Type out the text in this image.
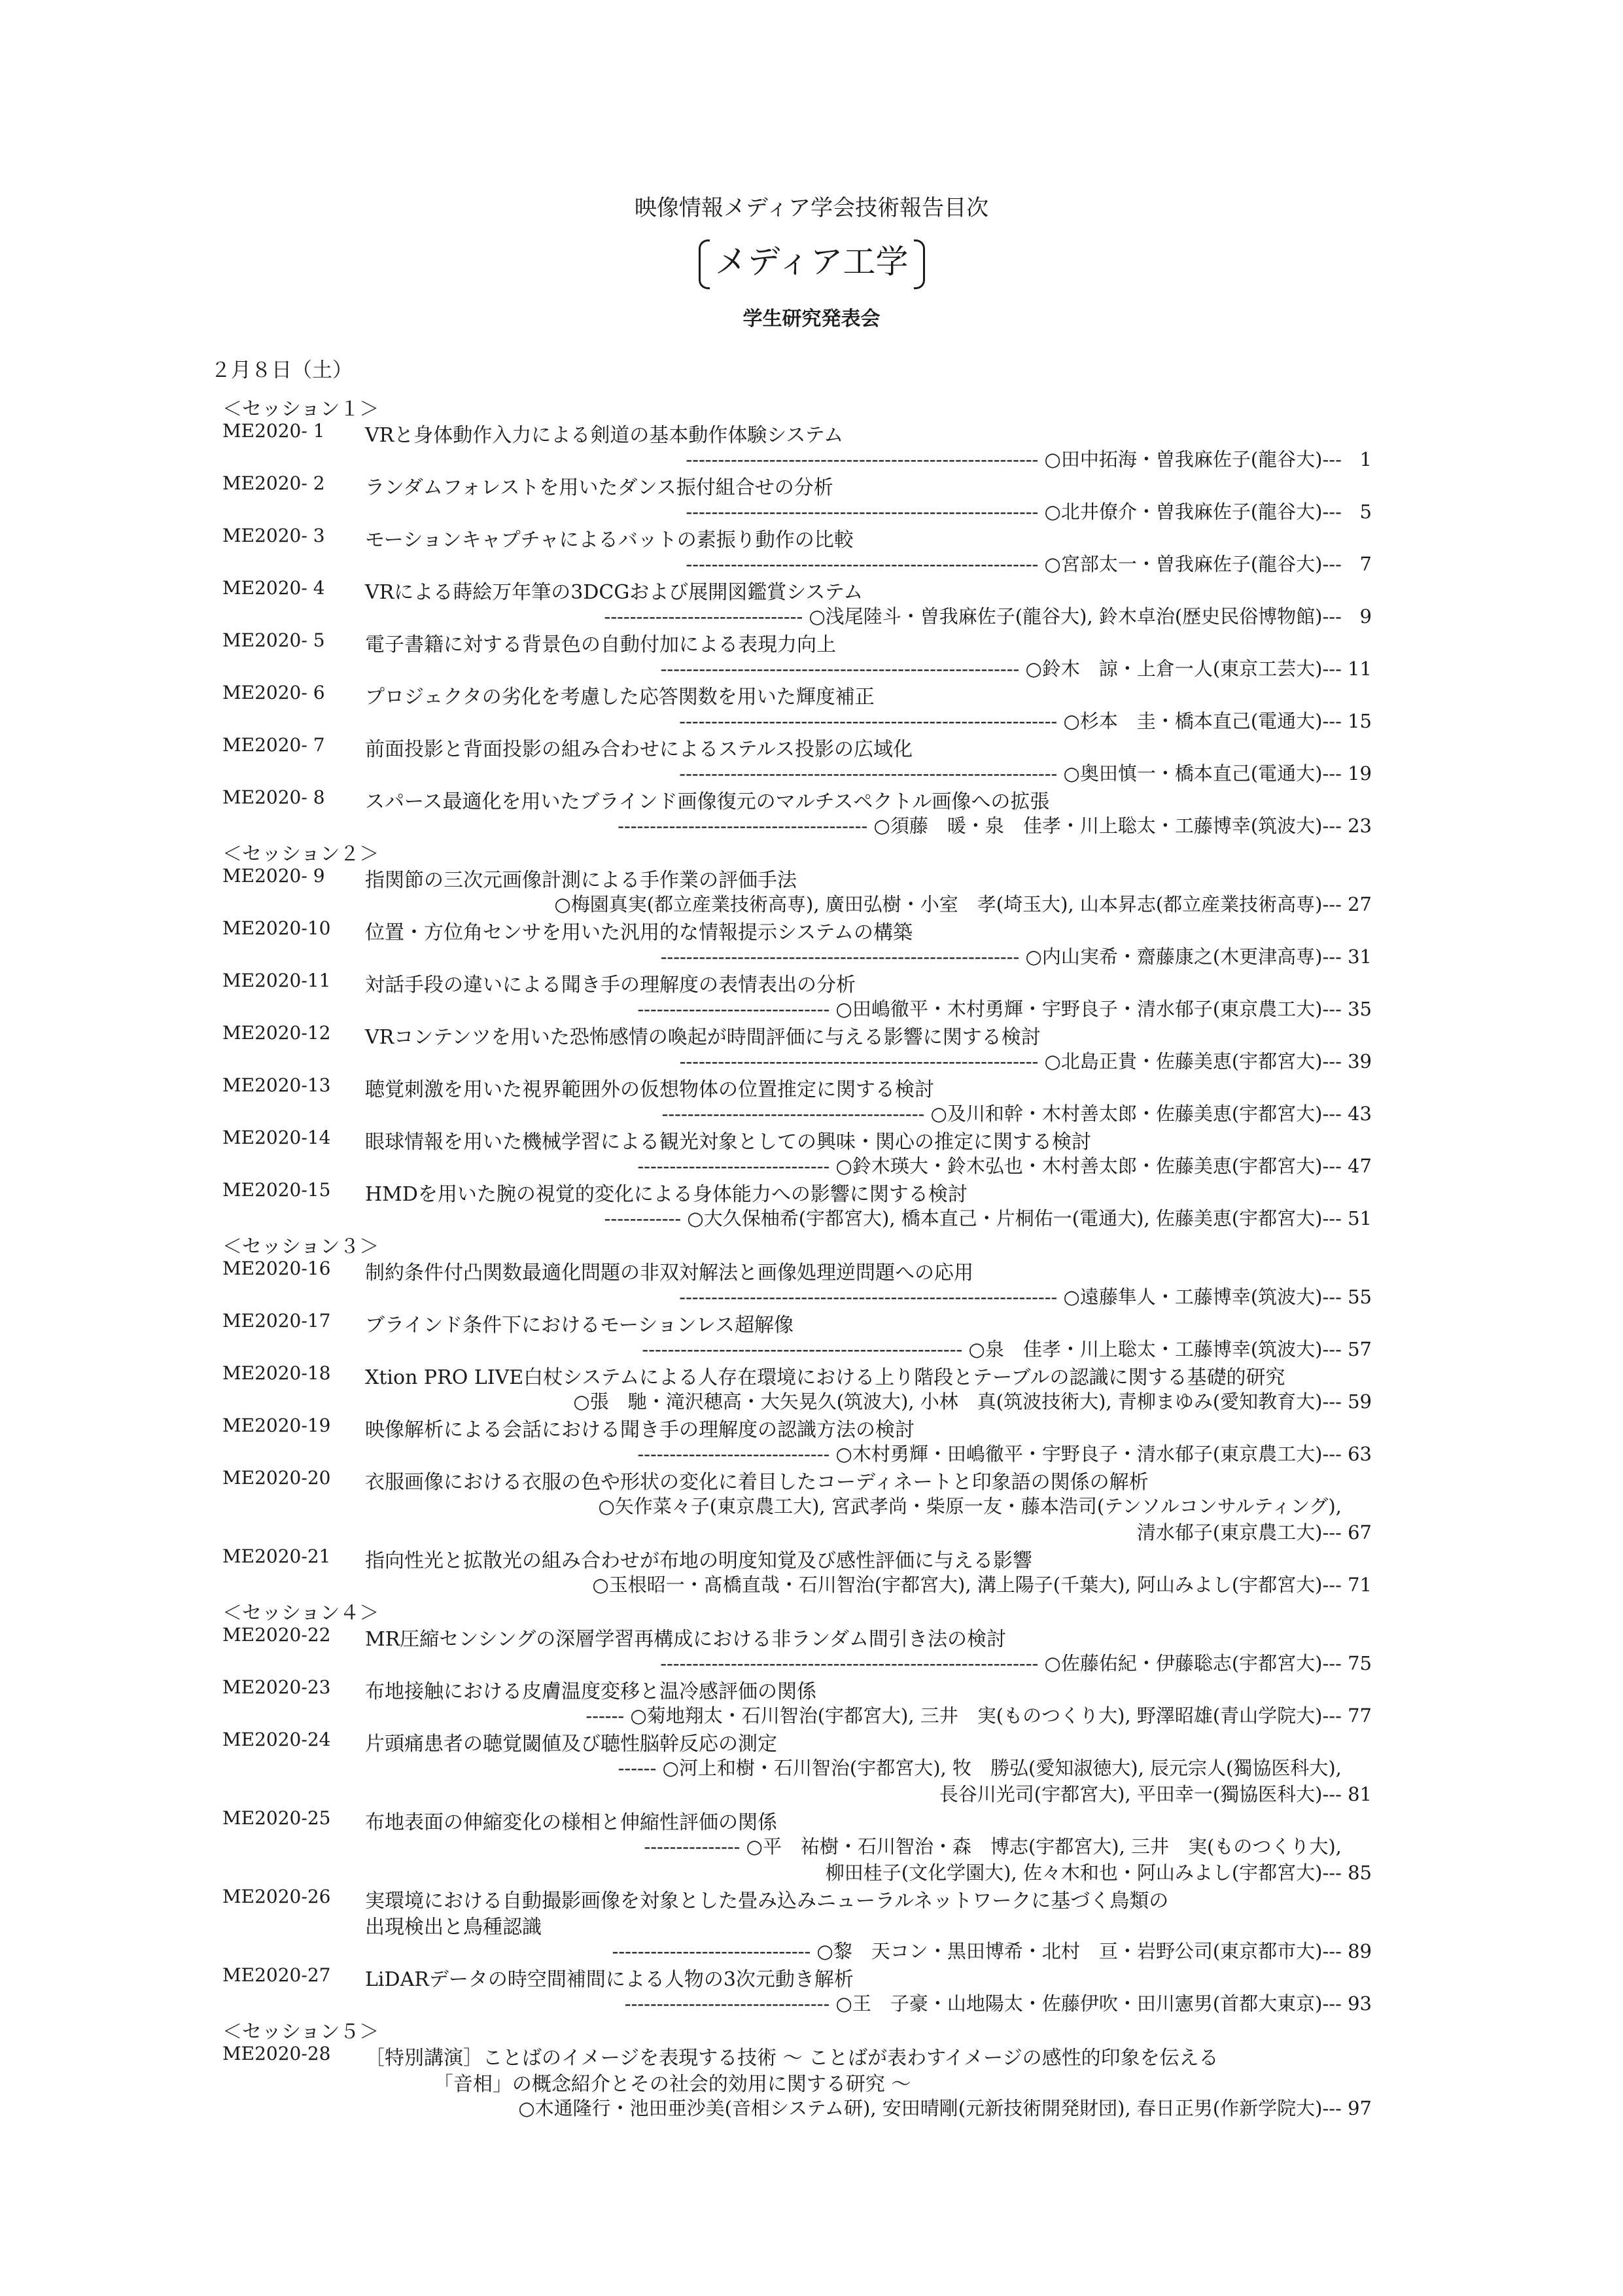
映像情報メディア学会技術報告目次
メディア工学
学生研究発表会
２月８日（土）
＜セッション１＞
ME2020- 1 VRと身体動作入力による剣道の基本動作体験システム
------------------------------------------------------- ○田中拓海・曽我麻佐子(龍谷大)---   1
ME2020- 2 ランダムフォレストを用いたダンス振付組合せの分析
------------------------------------------------------- ○北井僚介・曽我麻佐子(龍谷大)---   5
ME2020- 3 モーションキャプチャによるバットの素振り動作の比較
------------------------------------------------------- ○宮部太一・曽我麻佐子(龍谷大)---   7
ME2020- 4 VRによる蒔絵万年筆の3DCGおよび展開図鑑賞システム
------------------------------- ○浅尾陸斗・曽我麻佐子(龍谷大), 鈴木卓治(歴史民俗博物館)---   9
ME2020- 5 電子書籍に対する背景色の自動付加による表現力向上
-------------------------------------------------------- ○鈴木　諒・上倉一人(東京工芸大)--- 11
ME2020- 6 プロジェクタの劣化を考慮した応答関数を用いた輝度補正
----------------------------------------------------------- ○杉本　圭・橋本直己(電通大)--- 15
ME2020- 7 前面投影と背面投影の組み合わせによるステルス投影の広域化
----------------------------------------------------------- ○奥田慎一・橋本直己(電通大)--- 19
ME2020- 8 スパース最適化を用いたブラインド画像復元のマルチスペクトル画像への拡張
--------------------------------------- ○須藤　暖・泉　佳孝・川上聡太・工藤博幸(筑波大)--- 23
＜セッション２＞
ME2020- 9 指関節の三次元画像計測による手作業の評価手法
○梅園真実(都立産業技術高専), 廣田弘樹・小室　孝(埼玉大), 山本昇志(都立産業技術高専)--- 27
ME2020-10 位置・方位角センサを用いた汎用的な情報提示システムの構築
-------------------------------------------------------- ○内山実希・齋藤康之(木更津高専)--- 31
ME2020-11 対話手段の違いによる聞き手の理解度の表情表出の分析
------------------------------ ○田嶋徹平・木村勇輝・宇野良子・清水郁子(東京農工大)--- 35
ME2020-12 VRコンテンツを用いた恐怖感情の喚起が時間評価に与える影響に関する検討
-------------------------------------------------------- ○北島正貴・佐藤美恵(宇都宮大)--- 39
ME2020-13 聴覚刺激を用いた視界範囲外の仮想物体の位置推定に関する検討
----------------------------------------- ○及川和幹・木村善太郎・佐藤美恵(宇都宮大)--- 43
ME2020-14 眼球情報を用いた機械学習による観光対象としての興味・関心の推定に関する検討
------------------------------ ○鈴木瑛大・鈴木弘也・木村善太郎・佐藤美恵(宇都宮大)--- 47
ME2020-15 HMDを用いた腕の視覚的変化による身体能力への影響に関する検討
------------ ○大久保柚希(宇都宮大), 橋本直己・片桐佑一(電通大), 佐藤美恵(宇都宮大)--- 51
＜セッション３＞
ME2020-16 制約条件付凸関数最適化問題の非双対解法と画像処理逆問題への応用
----------------------------------------------------------- ○遠藤隼人・工藤博幸(筑波大)--- 55
ME2020-17 ブラインド条件下におけるモーションレス超解像
-------------------------------------------------- ○泉　佳孝・川上聡太・工藤博幸(筑波大)--- 57
ME2020-18 Xtion PRO LIVE白杖システムによる人存在環境における上り階段とテーブルの認識に関する基礎的研究
○張　馳・滝沢穂高・大矢晃久(筑波大), 小林　真(筑波技術大), 青柳まゆみ(愛知教育大)--- 59
ME2020-19 映像解析による会話における聞き手の理解度の認識方法の検討
------------------------------ ○木村勇輝・田嶋徹平・宇野良子・清水郁子(東京農工大)--- 63
ME2020-20 衣服画像における衣服の色や形状の変化に着目したコーディネートと印象語の関係の解析
○矢作菜々子(東京農工大), 宮武孝尚・柴原一友・藤本浩司(テンソルコンサルティング),
清水郁子(東京農工大)--- 67
ME2020-21 指向性光と拡散光の組み合わせが布地の明度知覚及び感性評価に与える影響
○玉根昭一・髙橋直哉・石川智治(宇都宮大), 溝上陽子(千葉大), 阿山みよし(宇都宮大)--- 71
＜セッション４＞
ME2020-22 MR圧縮センシングの深層学習再構成における非ランダム間引き法の検討
----------------------------------------------------------- ○佐藤佑紀・伊藤聡志(宇都宮大)--- 75
ME2020-23 布地接触における皮膚温度変移と温冷感評価の関係
------ ○菊地翔太・石川智治(宇都宮大), 三井　実(ものつくり大), 野澤昭雄(青山学院大)--- 77
ME2020-24 片頭痛患者の聴覚閾値及び聴性脳幹反応の測定
------ ○河上和樹・石川智治(宇都宮大), 牧　勝弘(愛知淑徳大), 辰元宗人(獨協医科大),
長谷川光司(宇都宮大), 平田幸一(獨協医科大)--- 81
ME2020-25 布地表面の伸縮変化の様相と伸縮性評価の関係
--------------- ○平　祐樹・石川智治・森　博志(宇都宮大), 三井　実(ものつくり大),
柳田桂子(文化学園大), 佐々木和也・阿山みよし(宇都宮大)--- 85
ME2020-26 実環境における自動撮影画像を対象とした畳み込みニューラルネットワークに基づく鳥類の
出現検出と鳥種認識
------------------------------- ○黎　天コン・黒田博希・北村　亘・岩野公司(東京都市大)--- 89
ME2020-27 LiDARデータの時空間補間による人物の3次元動き解析
-------------------------------- ○王　子豪・山地陽太・佐藤伊吹・田川憲男(首都大東京)--- 93
＜セッション５＞
ME2020-28 ［特別講演］ことばのイメージを表現する技術 ～ ことばが表わすイメージの感性的印象を伝える
「音相」の概念紹介とその社会的効用に関する研究 ～
○木通隆行・池田亜沙美(音相システム研), 安田晴剛(元新技術開発財団), 春日正男(作新学院大)--- 97
